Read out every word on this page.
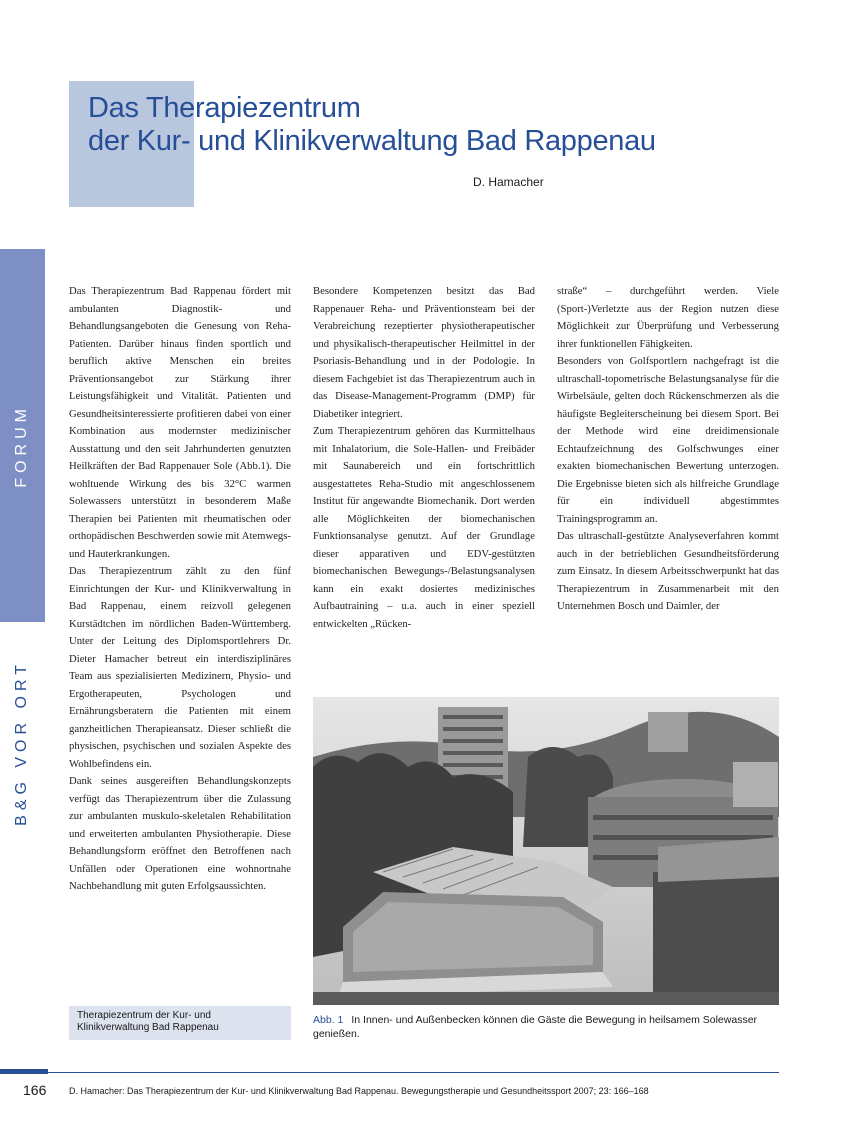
Das Therapiezentrum
der Kur- und Klinikverwaltung Bad Rappenau
D. Hamacher
FORUM
B&G VOR ORT

Das Therapiezentrum Bad Rappenau fördert mit ambulanten Diagnostik- und Behandlungsangeboten die Genesung von Reha-Patienten. Darüber hinaus finden sportlich und beruflich aktive Menschen ein breites Präventionsangebot zur Stärkung ihrer Leistungsfähigkeit und Vitalität. Patienten und Gesundheitsinteressierte profitieren dabei von einer Kombination aus modernster medizinischer Ausstattung und den seit Jahrhunderten genutzten Heilkräften der Bad Rappenauer Sole (Abb.1). Die wohltuende Wirkung des bis 32°C warmen Solewassers unterstützt in besonderem Maße Therapien bei Patienten mit rheumatischen oder orthopädischen Beschwerden sowie mit Atemwegs- und Hauterkrankungen.

Das Therapiezentrum zählt zu den fünf Einrichtungen der Kur- und Klinikverwaltung in Bad Rappenau, einem reizvoll gelegenen Kurstädtchen im nördlichen Baden-Württemberg. Unter der Leitung des Diplomsportlehrers Dr. Dieter Hamacher betreut ein interdisziplinäres Team aus spezialisierten Medizinern, Physio- und Ergotherapeuten, Psychologen und Ernährungsberatern die Patienten mit einem ganzheitlichen Therapieansatz. Dieser schließt die physischen, psychischen und sozialen Aspekte des Wohlbefindens ein.

Dank seines ausgereiften Behandlungskonzepts verfügt das Therapiezentrum über die Zulassung zur ambulanten muskulo-skeletalen Rehabilitation und erweiterten ambulanten Physiotherapie. Diese Behandlungsform eröffnet den Betroffenen nach Unfällen oder Operationen eine wohnortnahe Nachbehandlung mit guten Erfolgsaussichten.

Besondere Kompetenzen besitzt das Bad Rappenauer Reha- und Präventionsteam bei der Verabreichung rezeptierter physiotherapeutischer und physikalisch-therapeutischer Heilmittel in der Psoriasis-Behandlung und in der Podologie. In diesem Fachgebiet ist das Therapiezentrum auch in das Disease-Management-Programm (DMP) für Diabetiker integriert.

Zum Therapiezentrum gehören das Kurmittelhaus mit Inhalatorium, die Sole-Hallen- und Freibäder mit Saunabereich und ein fortschrittlich ausgestattetes Reha-Studio mit angeschlossenem Institut für angewandte Biomechanik. Dort werden alle Möglichkeiten der biomechanischen Funktionsanalyse genutzt. Auf der Grundlage dieser apparativen und EDV-gestützten biomechanischen Bewegungs-/Belastungsanalysen kann ein exakt dosiertes medizinisches Aufbautraining – u.a. auch in einer speziell entwickelten „Rücken-

straße“ – durchgeführt werden. Viele (Sport-)Verletzte aus der Region nutzen diese Möglichkeit zur Überprüfung und Verbesserung ihrer funktionellen Fähigkeiten.

Besonders von Golfsportlern nachgefragt ist die ultraschall-topometrische Belastungsanalyse für die Wirbelsäule, gelten doch Rückenschmerzen als die häufigste Begleiterscheinung bei diesem Sport. Bei der Methode wird eine dreidimensionale Echtaufzeichnung des Golfschwunges einer exakten biomechanischen Bewertung unterzogen. Die Ergebnisse bieten sich als hilfreiche Grundlage für ein individuell abgestimmtes Trainingsprogramm an.

Das ultraschall-gestützte Analyseverfahren kommt auch in der betrieblichen Gesundheitsförderung zum Einsatz. In diesem Arbeitsschwerpunkt hat das Therapiezentrum in Zusammenarbeit mit den Unternehmen Bosch und Daimler, der

Therapiezentrum der Kur- und Klinikverwaltung Bad Rappenau
Abb. 1 In Innen- und Außenbecken können die Gäste die Bewegung in heilsamem Solewasser genießen.
166	D. Hamacher: Das Therapiezentrum der Kur- und Klinikverwaltung Bad Rappenau. Bewegungstherapie und Gesundheitssport 2007; 23: 166–168
